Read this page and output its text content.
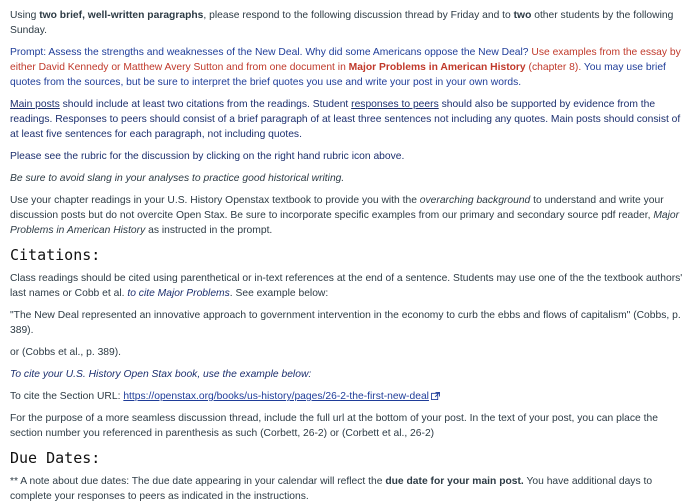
Using two brief, well-written paragraphs, please respond to the following discussion thread by Friday and to two other students by the following Sunday.

Prompt: Assess the strengths and weaknesses of the New Deal. Why did some Americans oppose the New Deal? Use examples from the essay by either David Kennedy or Matthew Avery Sutton and from one document in Major Problems in American History (chapter 8). You may use brief quotes from the sources, but be sure to interpret the brief quotes you use and write your post in your own words.

Main posts should include at least two citations from the readings. Student responses to peers should also be supported by evidence from the readings. Responses to peers should consist of a brief paragraph of at least three sentences not including any quotes. Main posts should consist of at least five sentences for each paragraph, not including quotes.

Please see the rubric for the discussion by clicking on the right hand rubric icon above.

Be sure to avoid slang in your analyses to practice good historical writing.

Use your chapter readings in your U.S. History Openstax textbook to provide you with the overarching background to understand and write your discussion posts but do not overcite Open Stax. Be sure to incorporate specific examples from our primary and secondary source pdf reader, Major Problems in American History as instructed in the prompt.

Citations:

Class readings should be cited using parenthetical or in-text references at the end of a sentence. Students may use one of the the textbook authors' last names or Cobb et al. to cite Major Problems. See example below:

"The New Deal represented an innovative approach to government intervention in the economy to curb the ebbs and flows of capitalism" (Cobbs, p. 389).

or (Cobbs et al., p. 389).

To cite your U.S. History Open Stax book, use the example below:

To cite the Section URL: https://openstax.org/books/us-history/pages/26-2-the-first-new-deal

For the purpose of a more seamless discussion thread, include the full url at the bottom of your post. In the text of your post, you can place the section number you referenced in parenthesis as such (Corbett, 26-2) or (Corbett et al., 26-2)

Due Dates:

** A note about due dates: The due date appearing in your calendar will reflect the due date for your main post. You have additional days to complete your responses to peers as indicated in the instructions.
